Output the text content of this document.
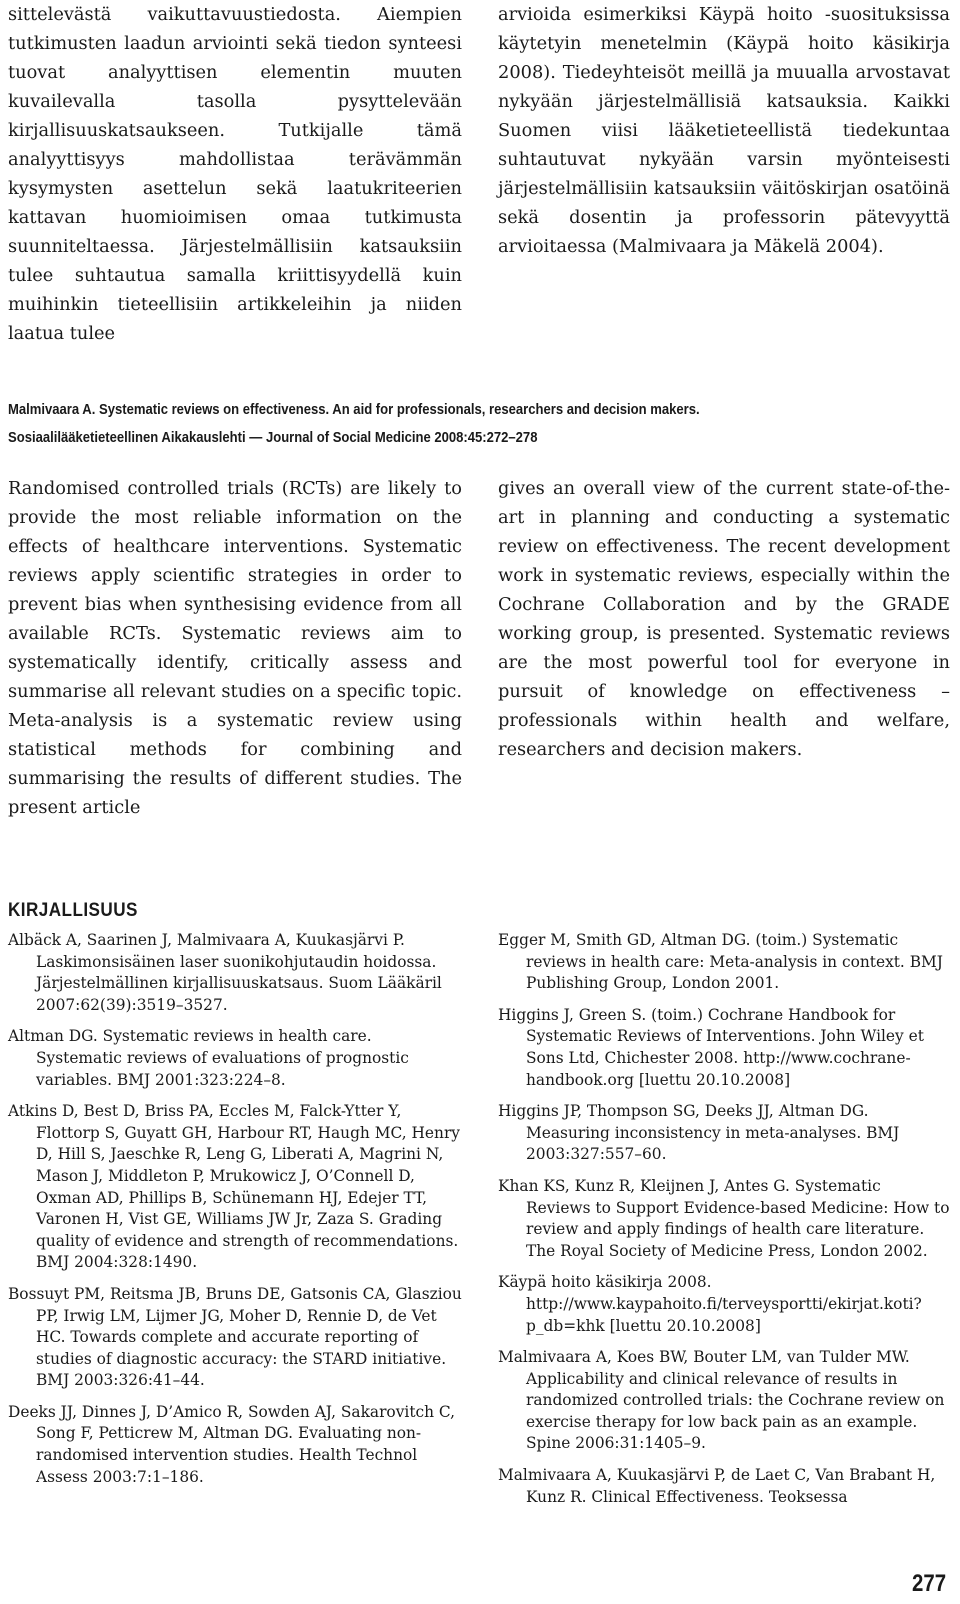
sittelevästä vaikuttavuustiedosta. Aiempien tutkimusten laadun arviointi sekä tiedon synteesi tuovat analyyttisen elementin muuten kuvailevalla tasolla pysyttelevään kirjallisuuskatsaukseen. Tutkijalle tämä analyyttisyys mahdollistaa terävämmän kysymysten asettelun sekä laatukriteerien kattavan huomioimisen omaa tutkimusta suunniteltaessa. Järjestelmällisiin katsauksiin tulee suhtautua samalla kriittisyydellä kuin muihinkin tieteellisiin artikkeleihin ja niiden laatua tulee

arvioida esimerkiksi Käypä hoito -suosituksissa käytetyin menetelmin (Käypä hoito käsikirja 2008). Tiedeyhteisöt meillä ja muualla arvostavat nykyään järjestelmällisiä katsauksia. Kaikki Suomen viisi lääketieteellistä tiedekuntaa suhtautuvat nykyään varsin myönteisesti järjestelmällisiin katsauksiin väitöskirjan osatöinä sekä dosentin ja professorin pätevyyttä arvioitaessa (Malmivaara ja Mäkelä 2004).

Malmivaara A. Systematic reviews on effectiveness. An aid for professionals, researchers and decision makers.
Sosiaalilääketieteellinen Aikakauslehti — Journal of Social Medicine 2008:45:272–278

Randomised controlled trials (RCTs) are likely to provide the most reliable information on the effects of healthcare interventions. Systematic reviews apply scientific strategies in order to prevent bias when synthesising evidence from all available RCTs. Systematic reviews aim to systematically identify, critically assess and summarise all relevant studies on a specific topic. Meta-analysis is a systematic review using statistical methods for combining and summarising the results of different studies. The present article

gives an overall view of the current state-of-the-art in planning and conducting a systematic review on effectiveness. The recent development work in systematic reviews, especially within the Cochrane Collaboration and by the GRADE working group, is presented. Systematic reviews are the most powerful tool for everyone in pursuit of knowledge on effectiveness – professionals within health and welfare, researchers and decision makers.

KIRJALLISUUS

Albäck A, Saarinen J, Malmivaara A, Kuukasjärvi P. Laskimonsisäinen laser suonikohjutaudin hoidossa. Järjestelmällinen kirjallisuuskatsaus. Suom Lääkäril 2007:62(39):3519–3527.

Altman DG. Systematic reviews in health care. Systematic reviews of evaluations of prognostic variables. BMJ 2001:323:224–8.

Atkins D, Best D, Briss PA, Eccles M, Falck-Ytter Y, Flottorp S, Guyatt GH, Harbour RT, Haugh MC, Henry D, Hill S, Jaeschke R, Leng G, Liberati A, Magrini N, Mason J, Middleton P, Mrukowicz J, O’Connell D, Oxman AD, Phillips B, Schünemann HJ, Edejer TT, Varonen H, Vist GE, Williams JW Jr, Zaza S. Grading quality of evidence and strength of recommendations. BMJ 2004:328:1490.

Bossuyt PM, Reitsma JB, Bruns DE, Gatsonis CA, Glasziou PP, Irwig LM, Lijmer JG, Moher D, Rennie D, de Vet HC. Towards complete and accurate reporting of studies of diagnostic accuracy: the STARD initiative. BMJ 2003:326:41–44.

Deeks JJ, Dinnes J, D’Amico R, Sowden AJ, Sakarovitch C, Song F, Petticrew M, Altman DG. Evaluating non-randomised intervention studies. Health Technol Assess 2003:7:1–186.

Egger M, Smith GD, Altman DG. (toim.) Systematic reviews in health care: Meta-analysis in context. BMJ Publishing Group, London 2001.

Higgins J, Green S. (toim.) Cochrane Handbook for Systematic Reviews of Interventions. John Wiley et Sons Ltd, Chichester 2008. http://www.cochrane-handbook.org [luettu 20.10.2008]

Higgins JP, Thompson SG, Deeks JJ, Altman DG. Measuring inconsistency in meta-analyses. BMJ 2003:327:557–60.

Khan KS, Kunz R, Kleijnen J, Antes G. Systematic Reviews to Support Evidence-based Medicine: How to review and apply findings of health care literature. The Royal Society of Medicine Press, London 2002.

Käypä hoito käsikirja 2008. http://www.kaypahoito.fi/terveysportti/ekirjat.koti?p_db=khk [luettu 20.10.2008]

Malmivaara A, Koes BW, Bouter LM, van Tulder MW. Applicability and clinical relevance of results in randomized controlled trials: the Cochrane review on exercise therapy for low back pain as an example. Spine 2006:31:1405–9.

Malmivaara A, Kuukasjärvi P, de Laet C, Van Brabant H, Kunz R. Clinical Effectiveness. Teoksessa

277
